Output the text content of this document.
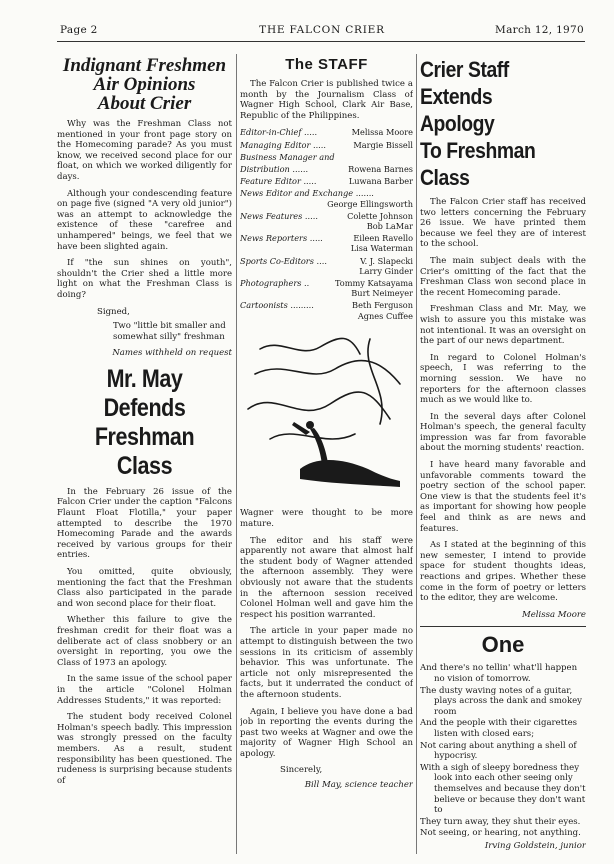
Page 2	THE FALCON CRIER	March 12, 1970
Indignant Freshmen
Air Opinions
About Crier

Why was the Freshman Class not mentioned in your front page story on the Homecoming parade? As you must know, we received second place for our float, on which we worked diligently for days.

Although your condescending feature on page five (signed "A very old junior") was an attempt to acknowledge the existence of these "carefree and unhampered" beings, we feel that we have been slighted again.

If "the sun shines on youth", shouldn't the Crier shed a little more light on what the Freshman Class is doing?

Signed,

Two "little bit smaller and somewhat silly" freshman

Names withheld on request

Mr. May Defends
Freshman Class

In the February 26 issue of the Falcon Crier under the caption "Falcons Flaunt Float Flotilla," your paper attempted to describe the 1970 Homecoming Parade and the awards received by various groups for their entries.

You omitted, quite obviously, mentioning the fact that the Freshman Class also participated in the parade and won second place for their float.

Whether this failure to give the freshman credit for their float was a deliberate act of class snobbery or an oversight in reporting, you owe the Class of 1973 an apology.

In the same issue of the school paper in the article "Colonel Holman Addresses Students," it was reported:

The student body received Colonel Holman's speech badly. This impression was strongly pressed on the faculty members. As a result, student responsibility has been questioned. The rudeness is surprising because students of

The STAFF

The Falcon Crier is published twice a month by the Journalism Class of Wagner High School, Clark Air Base, Republic of the Philippines.

Editor-in-Chief .....	Melissa Moore
Managing Editor .....	Margie Bissell
Business Manager and
Distribution ......	Rowena Barnes
Feature Editor .....	Luwana Barber
News Editor and Exchange .......
George Ellingsworth
News Features .....	Colette Johnson
Bob LaMar
News Reporters .....	Eileen Ravello
Lisa Waterman
Sports Co-Editors ....	V. J. Slapecki
Larry Ginder
Photographers ..	Tommy Katsayama
Burt Neimeyer
Cartoonists .........	Beth Ferguson
Agnes Cuffee

Wagner were thought to be more mature.

The editor and his staff were apparently not aware that almost half the student body of Wagner attended the afternoon assembly. They were obviously not aware that the students in the afternoon session received Colonel Holman well and gave him the respect his position warranted.

The article in your paper made no attempt to distinguish between the two sessions in its criticism of assembly behavior. This was unfortunate. The article not only misrepresented the facts, but it underrated the conduct of the afternoon students.

Again, I believe you have done a bad job in reporting the events during the past two weeks at Wagner and owe the majority of Wagner High School an apology.

Sincerely,

Bill May, science teacher

Crier Staff
Extends Apology
To Freshman Class

The Falcon Crier staff has received two letters concerning the February 26 issue. We have printed them because we feel they are of interest to the school.

The main subject deals with the Crier's omitting of the fact that the Freshman Class won second place in the recent Homecoming parade.

Freshman Class and Mr. May, we wish to assure you this mistake was not intentional. It was an oversight on the part of our news department.

In regard to Colonel Holman's speech, I was referring to the morning session. We have no reporters for the afternoon classes much as we would like to.

In the several days after Colonel Holman's speech, the general faculty impression was far from favorable about the morning students' reaction.

I have heard many favorable and unfavorable comments toward the poetry section of the school paper. One view is that the students feel it's as important for showing how people feel and think as are news and features.

As I stated at the beginning of this new semester, I intend to provide space for student thoughts ideas, reactions and gripes. Whether these come in the form of poetry or letters to the editor, they are welcome.

Melissa Moore

One
And there's no tellin' what'll happen no vision of tomorrow.
The dusty waving notes of a guitar, plays across the dank and smokey room
And the people with their cigarettes listen with closed ears;
Not caring about anything a shell of hypocrisy.
With a sigh of sleepy boredness they look into each other seeing only themselves and because they don't believe or because they don't want to
They turn away, they shut their eyes.
Not seeing, or hearing, not anything.

Irving Goldstein, junior
